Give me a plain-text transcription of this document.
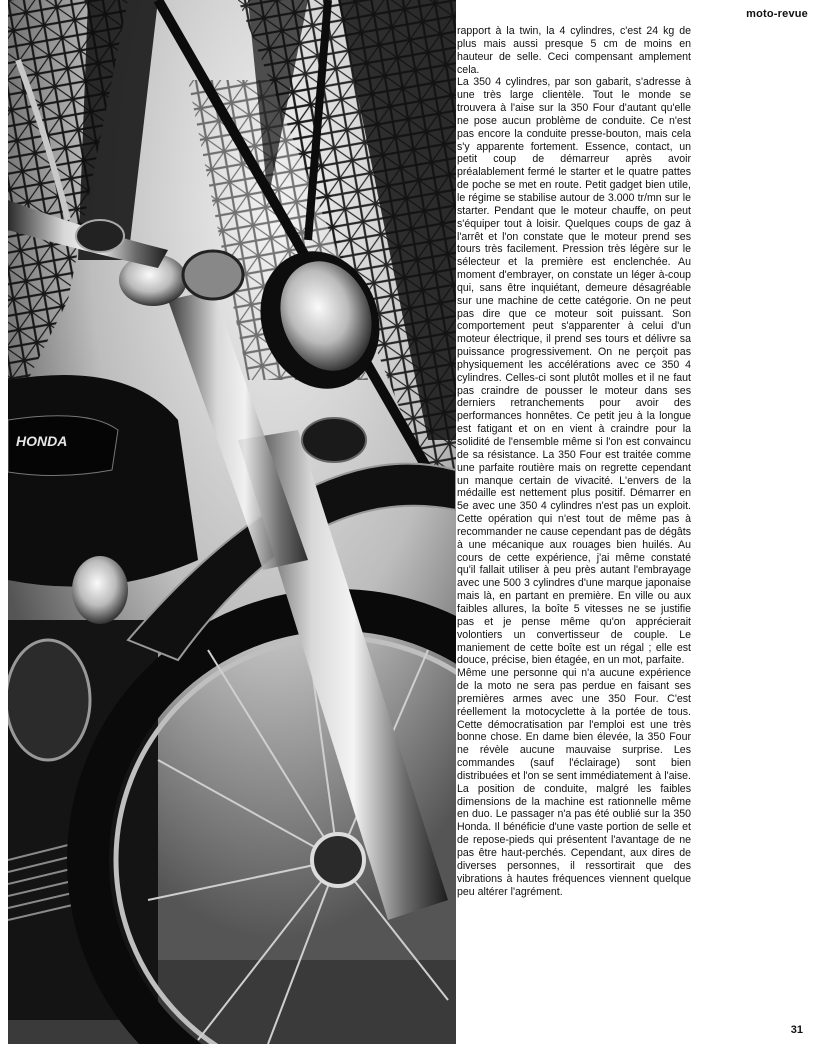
HONDA
moto-revue

rapport à la twin, la 4 cylindres, c'est 24 kg de plus mais aussi presque 5 cm de moins en hauteur de selle. Ceci compensant amplement cela.

La 350 4 cylindres, par son gabarit, s'adresse à une très large clientèle. Tout le monde se trouvera à l'aise sur la 350 Four d'autant qu'elle ne pose aucun problème de conduite. Ce n'est pas encore la conduite presse-bouton, mais cela s'y apparente fortement. Essence, contact, un petit coup de démarreur après avoir préalablement fermé le starter et le quatre pattes de poche se met en route. Petit gadget bien utile, le régime se stabilise autour de 3.000 tr/mn sur le starter. Pendant que le moteur chauffe, on peut s'équiper tout à loisir. Quelques coups de gaz à l'arrêt et l'on constate que le moteur prend ses tours très facilement. Pression très légère sur le sélecteur et la première est enclenchée. Au moment d'embrayer, on constate un léger à-coup qui, sans être inquiétant, demeure désagréable sur une machine de cette catégorie. On ne peut pas dire que ce moteur soit puissant. Son comportement peut s'apparenter à celui d'un moteur électrique, il prend ses tours et délivre sa puissance progressivement. On ne perçoit pas physiquement les accélérations avec ce 350 4 cylindres. Celles-ci sont plutôt molles et il ne faut pas craindre de pousser le moteur dans ses derniers retranchements pour avoir des performances honnêtes. Ce petit jeu à la longue est fatigant et on en vient à craindre pour la solidité de l'ensemble même si l'on est convaincu de sa résistance. La 350 Four est traitée comme une parfaite routière mais on regrette cependant un manque certain de vivacité. L'envers de la médaille est nettement plus positif. Démarrer en 5e avec une 350 4 cylindres n'est pas un exploit. Cette opération qui n'est tout de même pas à recommander ne cause cependant pas de dégâts à une mécanique aux rouages bien huilés. Au cours de cette expérience, j'ai même constaté qu'il fallait utiliser à peu près autant l'embrayage avec une 500 3 cylindres d'une marque japonaise mais là, en partant en première. En ville ou aux faibles allures, la boîte 5 vitesses ne se justifie pas et je pense même qu'on apprécierait volontiers un convertisseur de couple. Le maniement de cette boîte est un régal ; elle est douce, précise, bien étagée, en un mot, parfaite.

Même une personne qui n'a aucune expérience de la moto ne sera pas perdue en faisant ses premières armes avec une 350 Four. C'est réellement la motocyclette à la portée de tous. Cette démocratisation par l'emploi est une très bonne chose. En dame bien élevée, la 350 Four ne révèle aucune mauvaise surprise. Les commandes (sauf l'éclairage) sont bien distribuées et l'on se sent immédiatement à l'aise. La position de conduite, malgré les faibles dimensions de la machine est rationnelle même en duo. Le passager n'a pas été oublié sur la 350 Honda. Il bénéficie d'une vaste portion de selle et de repose-pieds qui présentent l'avantage de ne pas être haut-perchés. Cependant, aux dires de diverses personnes, il ressortirait que des vibrations à hautes fréquences viennent quelque peu altérer l'agrément.

31
